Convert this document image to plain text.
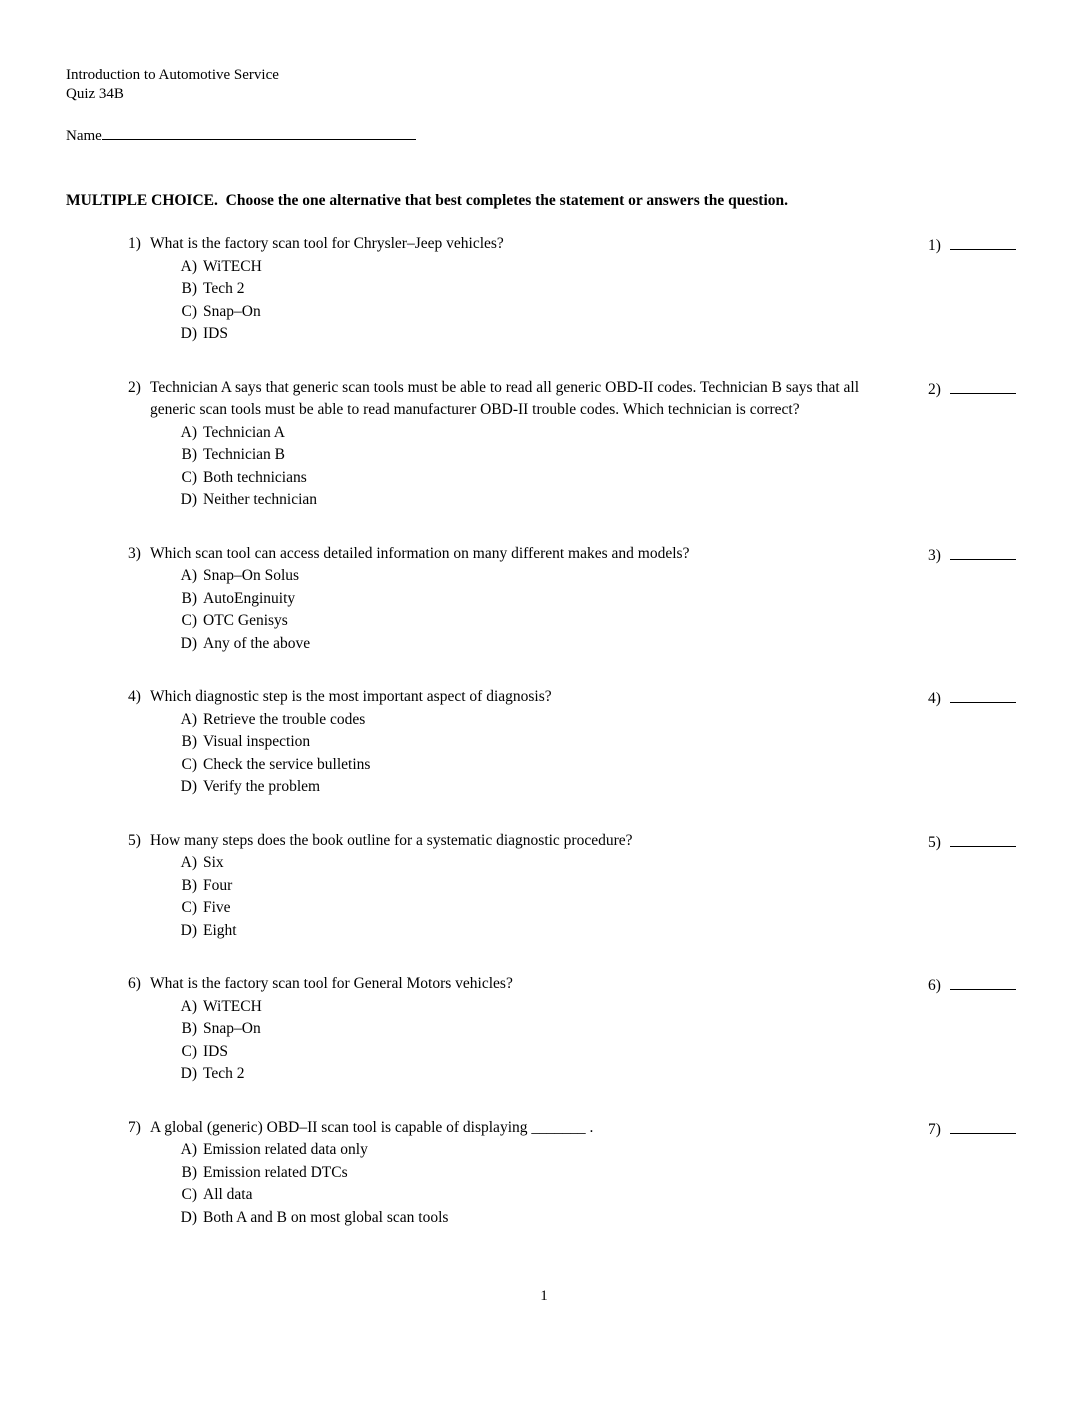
Introduction to Automotive Service
Quiz 34B
Name
MULTIPLE CHOICE.  Choose the one alternative that best completes the statement or answers the question.
1) What is the factory scan tool for Chrysler–Jeep vehicles?
A) WiTECH
B) Tech 2
C) Snap–On
D) IDS
1)
2) Technician A says that generic scan tools must be able to read all generic OBD-II codes. Technician B says that all generic scan tools must be able to read manufacturer OBD-II trouble codes. Which technician is correct?
A) Technician A
B) Technician B
C) Both technicians
D) Neither technician
2)
3) Which scan tool can access detailed information on many different makes and models?
A) Snap–On Solus
B) AutoEnginuity
C) OTC Genisys
D) Any of the above
3)
4) Which diagnostic step is the most important aspect of diagnosis?
A) Retrieve the trouble codes
B) Visual inspection
C) Check the service bulletins
D) Verify the problem
4)
5) How many steps does the book outline for a systematic diagnostic procedure?
A) Six
B) Four
C) Five
D) Eight
5)
6) What is the factory scan tool for General Motors vehicles?
A) WiTECH
B) Snap–On
C) IDS
D) Tech 2
6)
7) A global (generic) OBD–II scan tool is capable of displaying _______ .
A) Emission related data only
B) Emission related DTCs
C) All data
D) Both A and B on most global scan tools
7)
1
